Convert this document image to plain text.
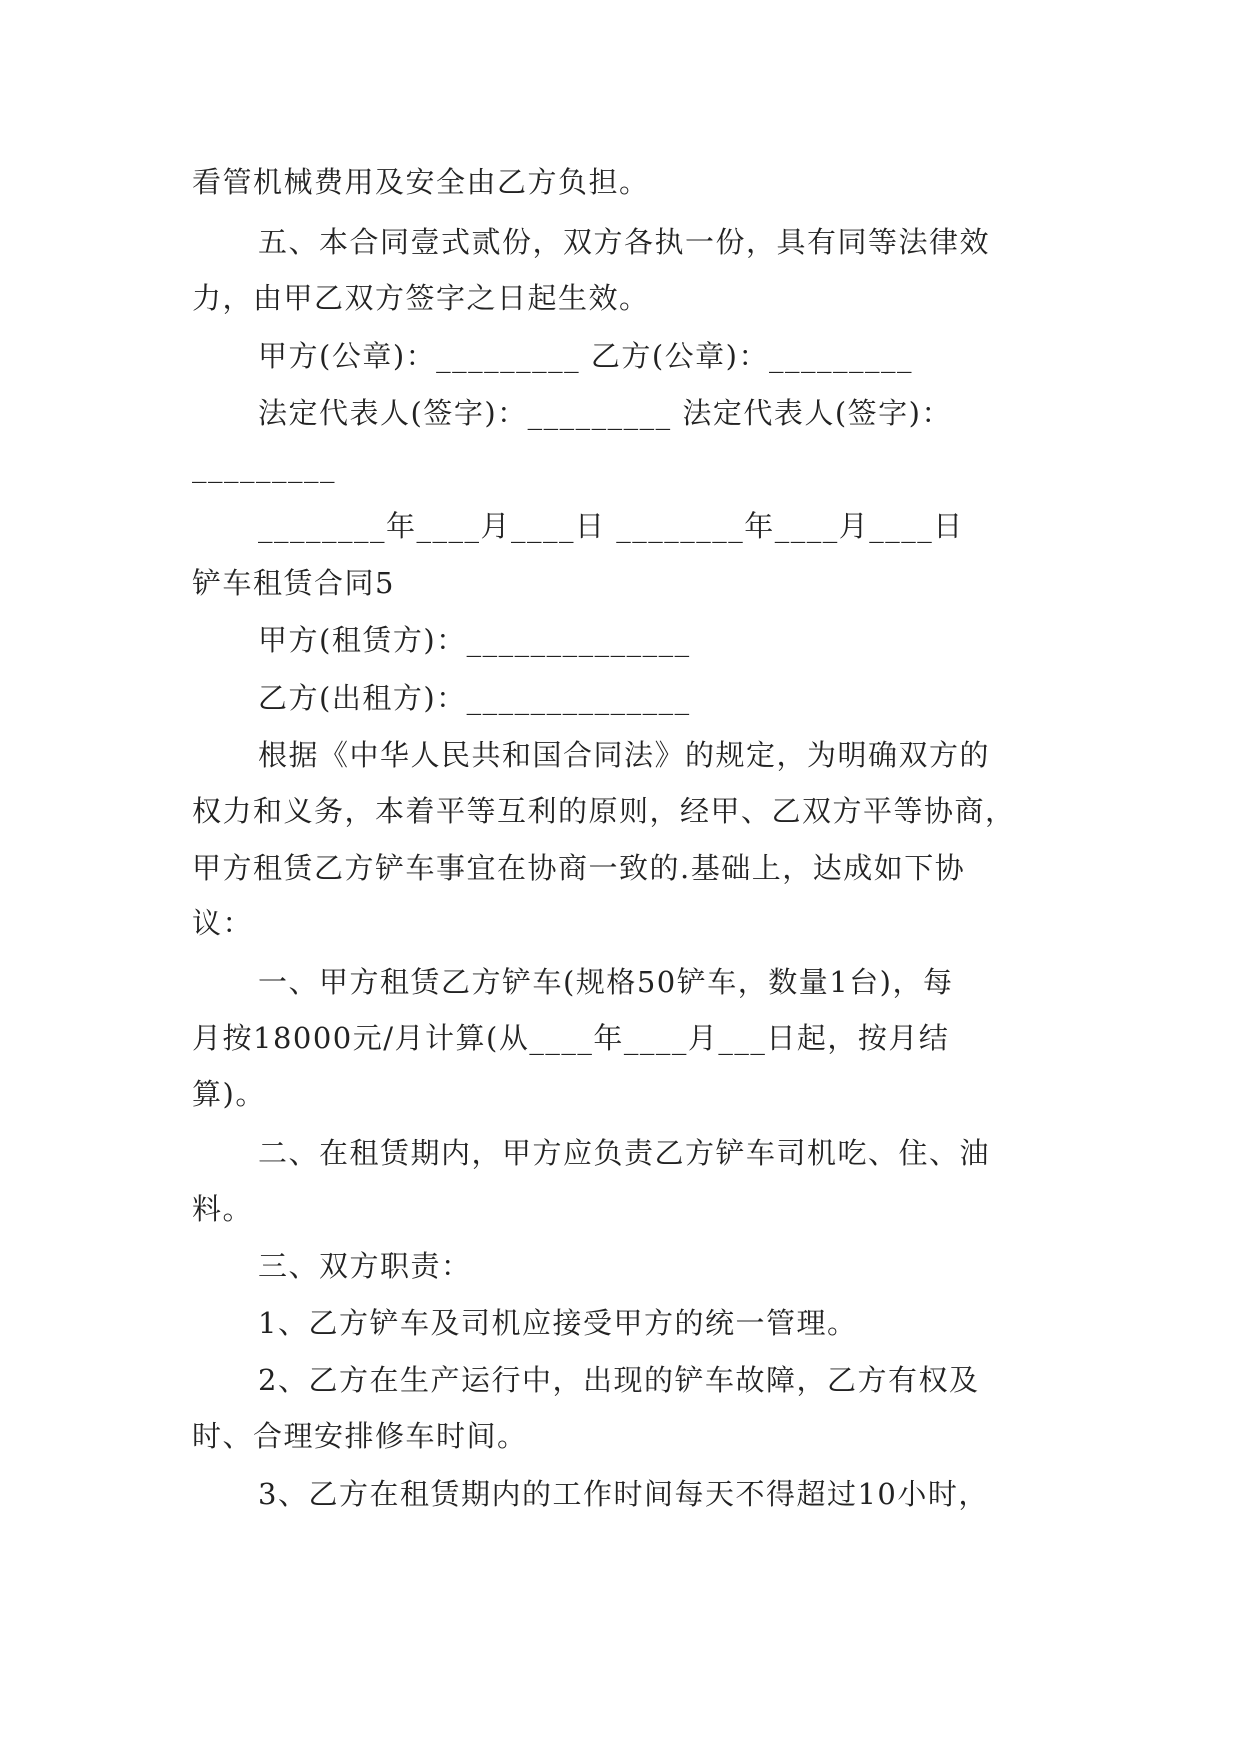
看管机械费用及安全由乙方负担。
五、本合同壹式贰份，双方各执一份，具有同等法律效
力，由甲乙双方签字之日起生效。
甲方(公章)：_________ 乙方(公章)：_________
法定代表人(签字)：_________ 法定代表人(签字)：
_________
________年____月____日 ________年____月____日
铲车租赁合同5
甲方(租赁方)：______________
乙方(出租方)：______________
根据《中华人民共和国合同法》的规定，为明确双方的
权力和义务，本着平等互利的原则，经甲、乙双方平等协商，
甲方租赁乙方铲车事宜在协商一致的.基础上，达成如下协
议：
一、甲方租赁乙方铲车(规格50铲车，数量1台)，每
月按18000元/月计算(从____年____月___日起，按月结
算)。
二、在租赁期内，甲方应负责乙方铲车司机吃、住、油
料。
三、双方职责：
1、乙方铲车及司机应接受甲方的统一管理。
2、乙方在生产运行中，出现的铲车故障，乙方有权及
时、合理安排修车时间。
3、乙方在租赁期内的工作时间每天不得超过10小时，
